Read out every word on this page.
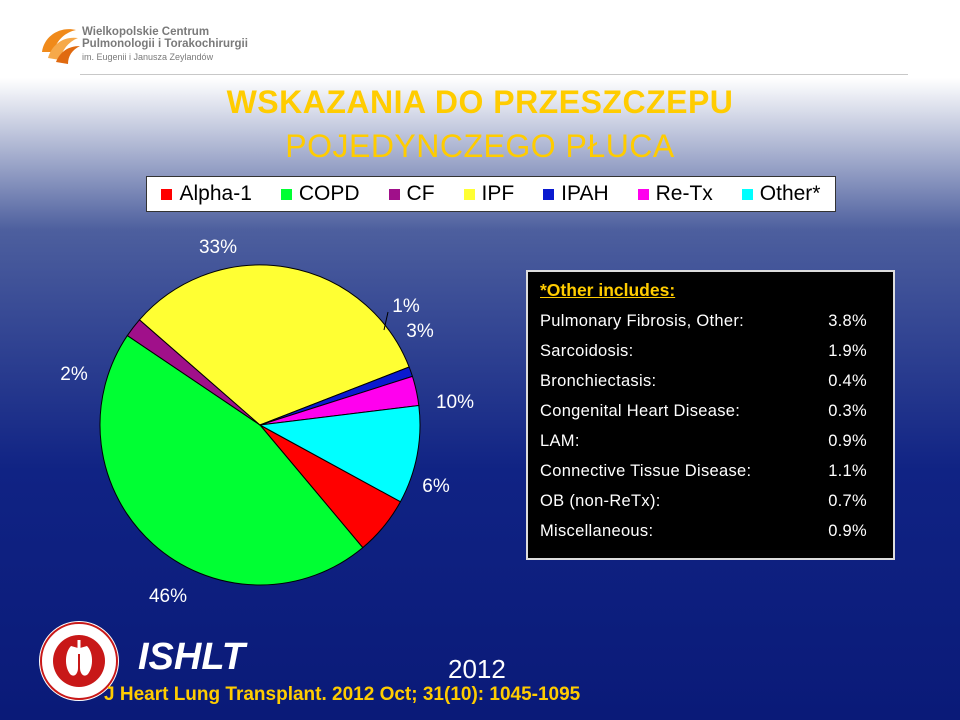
Wielkopolskie Centrum
Pulmonologii i Torakochirurgii
im. Eugenii i Janusza Zeylandów
WSKAZANIA DO PRZESZCZEPU
POJEDYNCZEGO PŁUCA
Alpha-1 COPD CF IPF IPAH Re-Tx Other*
6%
46%
2%
33%
1%
3%
10%
*Other includes:
Pulmonary Fibrosis, Other:	3.8%
Sarcoidosis:	1.9%
Bronchiectasis:	0.4%
Congenital Heart Disease:	0.3%
LAM:	0.9%
Connective Tissue Disease:	1.1%
OB (non-ReTx):	0.7%
Miscellaneous:	0.9%
ISHLT	2012
J Heart Lung Transplant. 2012 Oct; 31(10): 1045-1095
